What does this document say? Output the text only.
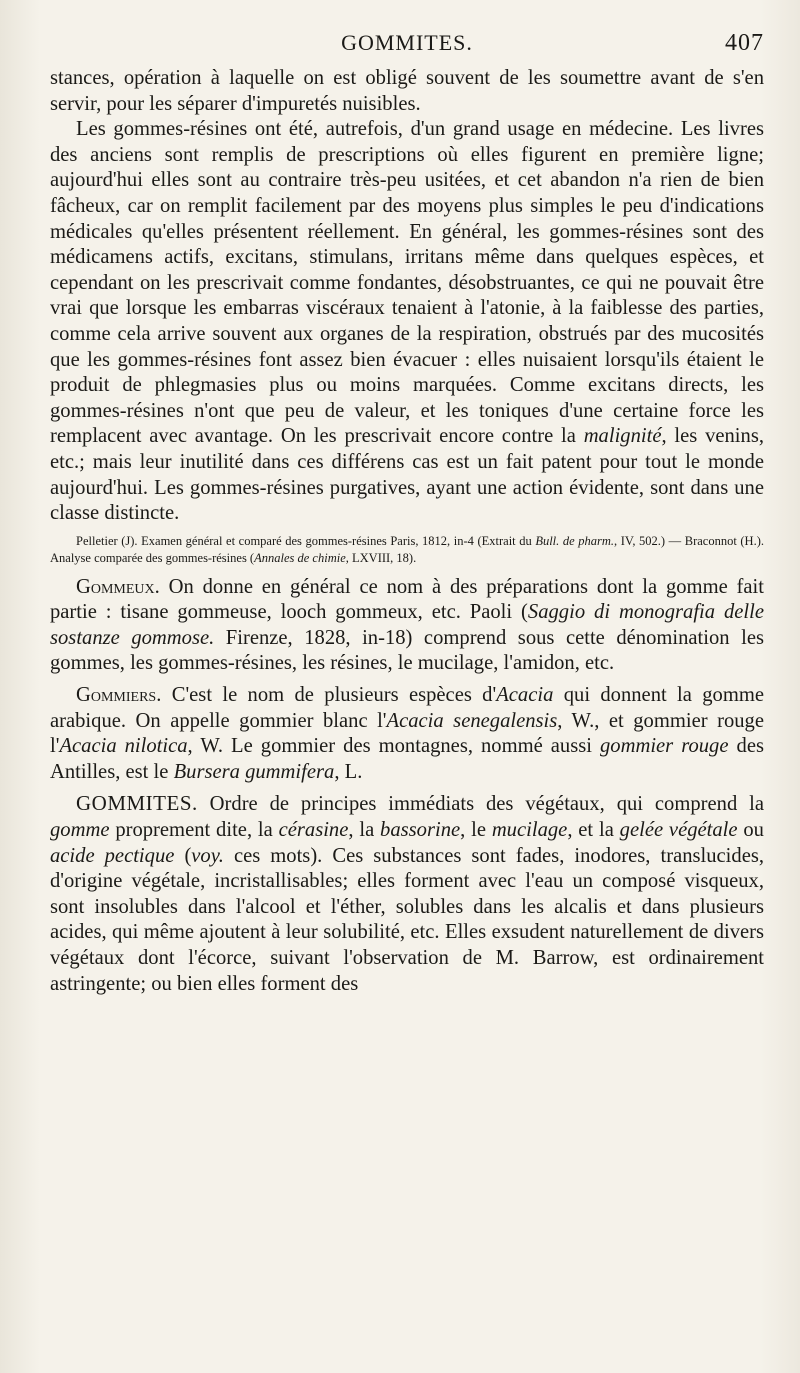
GOMMITES.	407

stances, opération à laquelle on est obligé souvent de les soumettre avant de s'en servir, pour les séparer d'impuretés nuisibles.

Les gommes-résines ont été, autrefois, d'un grand usage en médecine. Les livres des anciens sont remplis de prescriptions où elles figurent en première ligne; aujourd'hui elles sont au contraire très-peu usitées, et cet abandon n'a rien de bien fâcheux, car on remplit facilement par des moyens plus simples le peu d'indications médicales qu'elles présentent réellement. En général, les gommes-résines sont des médicamens actifs, excitans, stimulans, irritans même dans quelques espèces, et cependant on les prescrivait comme fondantes, désobstruantes, ce qui ne pouvait être vrai que lorsque les embarras viscéraux tenaient à l'atonie, à la faiblesse des parties, comme cela arrive souvent aux organes de la respiration, obstrués par des mucosités que les gommes-résines font assez bien évacuer : elles nuisaient lorsqu'ils étaient le produit de phlegmasies plus ou moins marquées. Comme excitans directs, les gommes-résines n'ont que peu de valeur, et les toniques d'une certaine force les remplacent avec avantage. On les prescrivait encore contre la malignité, les venins, etc.; mais leur inutilité dans ces différens cas est un fait patent pour tout le monde aujourd'hui. Les gommes-résines purgatives, ayant une action évidente, sont dans une classe distincte.

Pelletier (J). Examen général et comparé des gommes-résines Paris, 1812, in-4 (Extrait du Bull. de pharm., IV, 502.) — Braconnot (H.). Analyse comparée des gommes-résines (Annales de chimie, LXVIII, 18).

Gommeux. On donne en général ce nom à des préparations dont la gomme fait partie : tisane gommeuse, looch gommeux, etc. Paoli (Saggio di monografia delle sostanze gommose. Firenze, 1828, in-18) comprend sous cette dénomination les gommes, les gommes-résines, les résines, le mucilage, l'amidon, etc.

Gommiers. C'est le nom de plusieurs espèces d'Acacia qui donnent la gomme arabique. On appelle gommier blanc l'Acacia senegalensis, W., et gommier rouge l'Acacia nilotica, W. Le gommier des montagnes, nommé aussi gommier rouge des Antilles, est le Bursera gummifera, L.

GOMMITES. Ordre de principes immédiats des végétaux, qui comprend la gomme proprement dite, la cérasine, la bassorine, le mucilage, et la gelée végétale ou acide pectique (voy. ces mots). Ces substances sont fades, inodores, translucides, d'origine végétale, incristallisables; elles forment avec l'eau un composé visqueux, sont insolubles dans l'alcool et l'éther, solubles dans les alcalis et dans plusieurs acides, qui même ajoutent à leur solubilité, etc. Elles exsudent naturellement de divers végétaux dont l'écorce, suivant l'observation de M. Barrow, est ordinairement astringente; ou bien elles forment des
